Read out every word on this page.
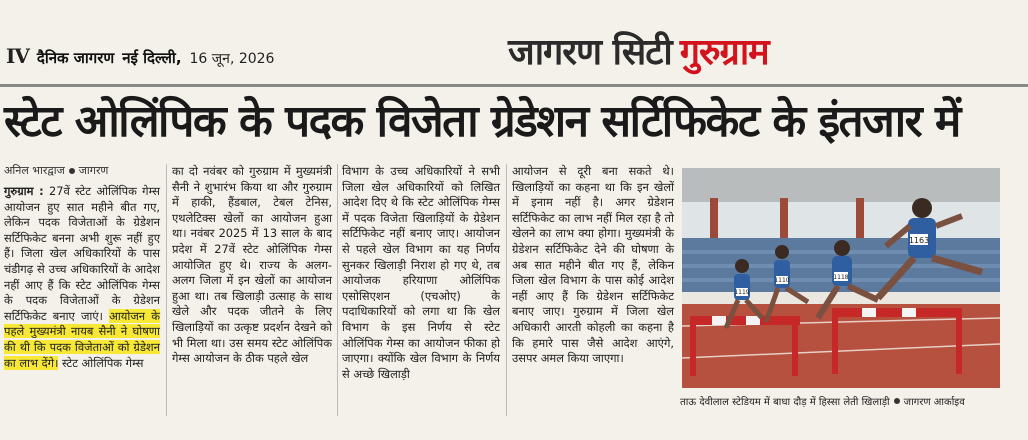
IV दैनिक जागरण नई दिल्ली, 16 जून, 2026	जागरण सिटी गुरुग्राम
स्टेट ओलिंपिक के पदक विजेता ग्रेडेशन सर्टिफिकेट के इंतजार में
अनिल भारद्वाज जागरण

गुरुग्राम : 27वें स्टेट ओलिंपिक गेम्स आयोजन हुए सात महीने बीत गए, लेकिन पदक विजेताओं के ग्रेडेशन सर्टिफिकेट बनना अभी शुरू नहीं हुए हैं। जिला खेल अधिकारियों के पास चंडीगढ़ से उच्च अधिकारियों के आदेश नहीं आए हैं कि स्टेट ओलिंपिक गेम्स के पदक विजेताओं के ग्रेडेशन सर्टिफिकेट बनाए जाएं। आयोजन के पहले मुख्यमंत्री नायब सैनी ने घोषणा की थी कि पदक विजेताओं को ग्रेडेशन का लाभ देंगे। स्टेट ओलिंपिक गेम्स

का दो नवंबर को गुरुग्राम में मुख्यमंत्री सैनी ने शुभारंभ किया था और गुरुग्राम में हाकी, हैंडबाल, टेबल टेनिस, एथलेटिक्स खेलों का आयोजन हुआ था। नवंबर 2025 में 13 साल के बाद प्रदेश में 27वें स्टेट ओलिंपिक गेम्स आयोजित हुए थे। राज्य के अलग-अलग जिला में इन खेलों का आयोजन हुआ था। तब खिलाड़ी उत्साह के साथ खेले और पदक जीतने के लिए खिलाड़ियों का उत्कृष्ट प्रदर्शन देखने को भी मिला था। उस समय स्टेट ओलिंपिक गेम्स आयोजन के ठीक पहले खेल

विभाग के उच्च अधिकारियों ने सभी जिला खेल अधिकारियों को लिखित आदेश दिए थे कि स्टेट ओलिंपिक गेम्स में पदक विजेता खिलाड़ियों के ग्रेडेशन सर्टिफिकेट नहीं बनाए जाए। आयोजन से पहले खेल विभाग का यह निर्णय सुनकर खिलाड़ी निराश हो गए थे, तब आयोजक हरियाणा ओलिंपिक एसोसिएशन (एचओए) के पदाधिकारियों को लगा था कि खेल विभाग के इस निर्णय से स्टेट ओलिंपिक गेम्स का आयोजन फीका हो जाएगा। क्योंकि खेल विभाग के निर्णय से अच्छे खिलाड़ी

आयोजन से दूरी बना सकते थे। खिलाड़ियों का कहना था कि इन खेलों में इनाम नहीं है। अगर ग्रेडेशन सर्टिफिकेट का लाभ नहीं मिल रहा है तो खेलने का लाभ क्या होगा। मुख्यमंत्री के ग्रेडेशन सर्टिफिकेट देने की घोषणा के अब सात महीने बीत गए हैं, लेकिन जिला खेल विभाग के पास कोई आदेश नहीं आए हैं कि ग्रेडेशन सर्टिफिकेट बनाए जाए। गुरुग्राम में जिला खेल अधिकारी आरती कोहली का कहना है कि हमारे पास जैसे आदेश आएंगे, उसपर अमल किया जाएगा।

1119
1110	1118
1163
ताऊ देवीलाल स्टेडियम में बाधा दौड़ में हिस्सा लेती खिलाड़ी जागरण आर्काइव
